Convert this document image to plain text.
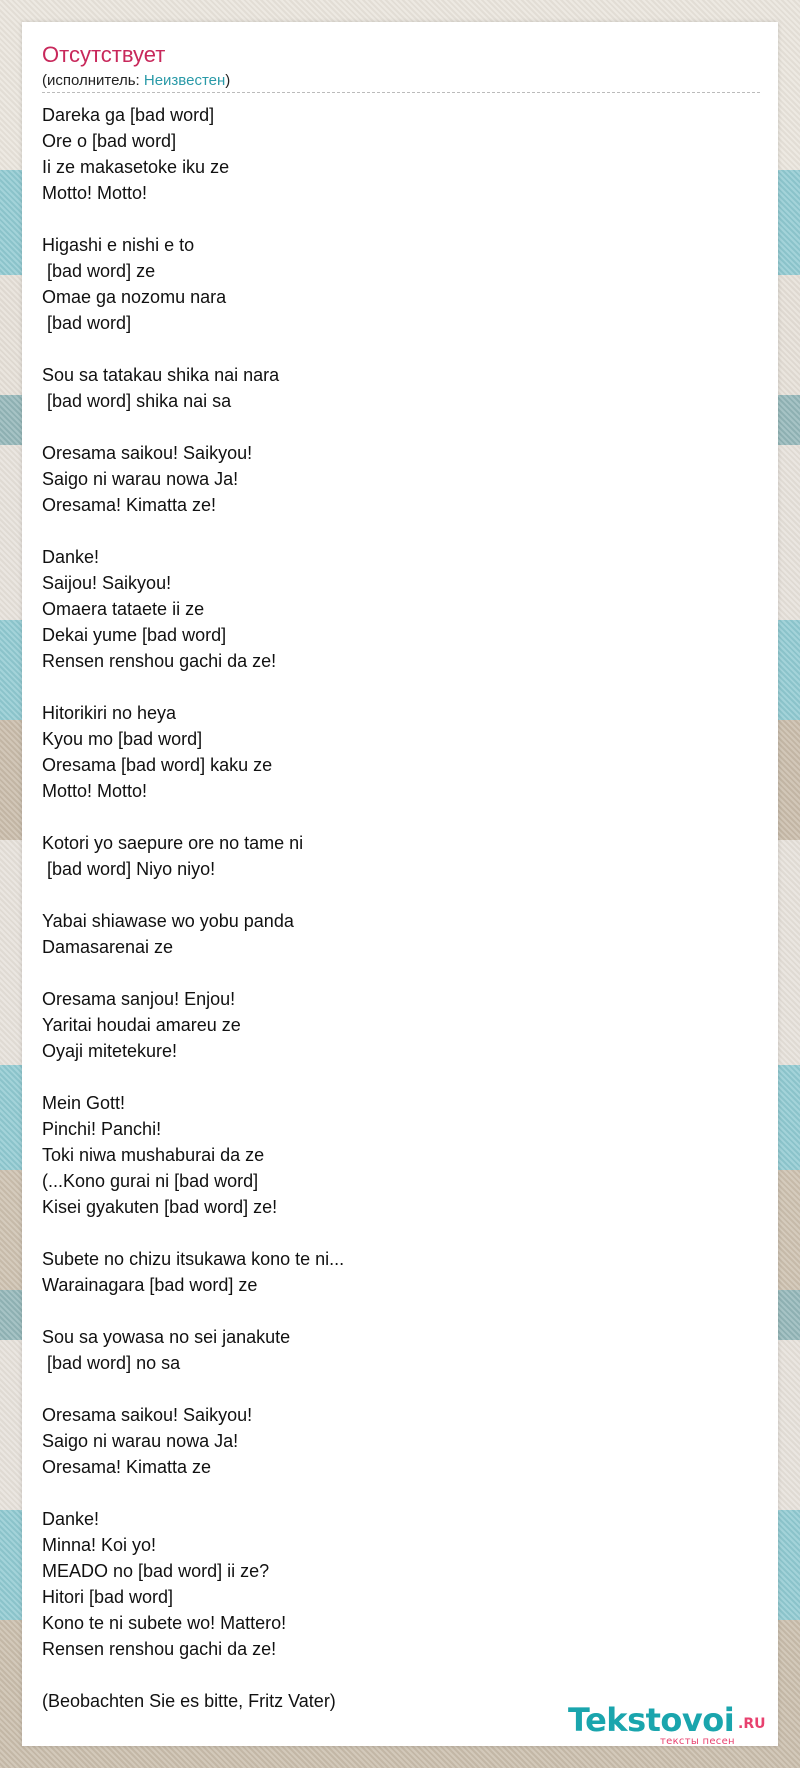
Отсутствует
(исполнитель: Неизвестен)
Dareka ga [bad word]
Ore o [bad word]
Ii ze makasetoke iku ze
Motto! Motto!

Higashi e nishi e to
[bad word] ze
Omae ga nozomu nara
[bad word]

Sou sa tatakau shika nai nara
[bad word] shika nai sa

Oresama saikou! Saikyou!
Saigo ni warau nowa Ja!
Oresama! Kimatta ze!

Danke!
Saijou! Saikyou!
Omaera tataete ii ze
Dekai yume [bad word]
Rensen renshou gachi da ze!

Hitorikiri no heya
Kyou mo [bad word]
Oresama [bad word] kaku ze
Motto! Motto!

Kotori yo saepure ore no tame ni
[bad word] Niyo niyo!

Yabai shiawase wo yobu panda
Damasarenai ze

Oresama sanjou! Enjou!
Yaritai houdai amareu ze
Oyaji mitetekure!

Mein Gott!
Pinchi! Panchi!
Toki niwa mushaburai da ze
(...Kono gurai ni [bad word]
Kisei gyakuten [bad word] ze!

Subete no chizu itsukawa kono te ni...
Warainagara [bad word] ze

Sou sa yowasa no sei janakute
[bad word] no sa

Oresama saikou! Saikyou!
Saigo ni warau nowa Ja!
Oresama! Kimatta ze

Danke!
Minna! Koi yo!
MEADO no [bad word] ii ze?
Hitori [bad word]
Kono te ni subete wo! Mattero!
Rensen renshou gachi da ze!

(Beobachten Sie es bitte, Fritz Vater)	Tekstovoi .RU
тексты песен
